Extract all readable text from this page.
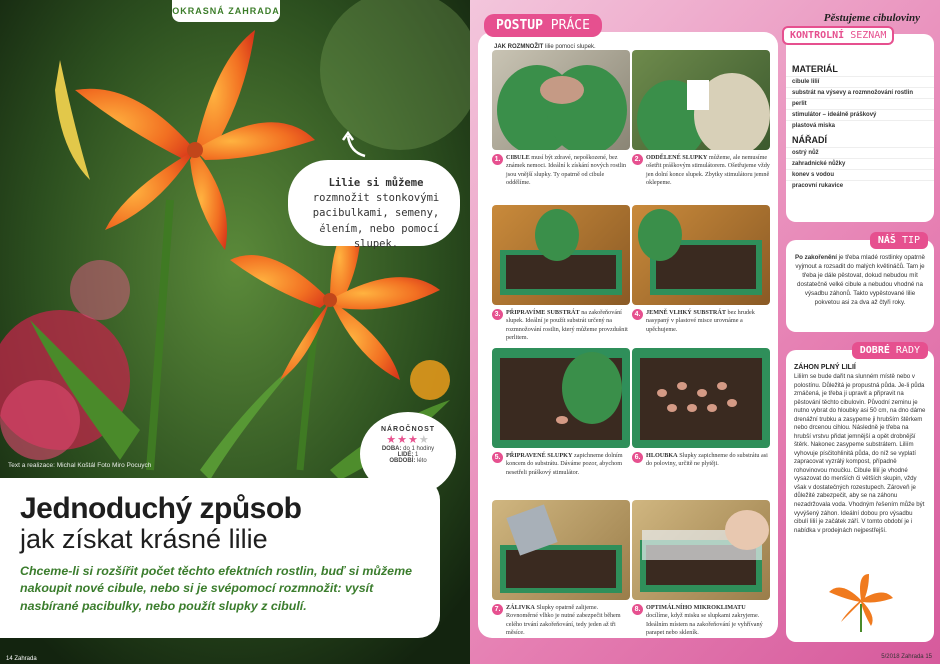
OKRASNÁ ZAHRADA
Lilie si můžeme rozmnožit stonkovými pacibulkami, semeny, dělením, nebo pomocí slupek.
Text a realizace: Michal Koštál Foto Miro Pocuych
NÁROČNOST
★★★★
DOBA: do 1 hodiny
LIDÉ: 1
OBDOBÍ: léto
Jednoduchý způsob
jak získat krásné lilie

Chceme-li si rozšířit počet těchto efektních rostlin, buď si můžeme nakoupit nové cibule, nebo si je svépomocí rozmnožit: vysít nasbírané pacibulky, nebo použít slupky z cibulí.

14 Zahrada
Pěstujeme cibuloviny
POSTUP PRÁCE
JAK ROZMNOŽIT lilie pomocí slupek.
1. CIBULE musí být zdravé, nepoškozené, bez známek nemoci. Ideální k získání nových rostlin jsou vnější slupky. Ty opatrně od cibule oddělíme.
2. ODDĚLENÉ SLUPKY můžeme, ale nemusíme ošetřit práškovým stimulátorem. Ošetřujeme vždy jen dolní konce slupek. Zbytky stimulátoru jemně oklepeme.
3. PŘIPRAVÍME SUBSTRÁT na zakořeňování slupek. Ideální je použít substrát určený na rozmnožování rostlin, který můžeme provzdušnit perlitem.
4. JEMNĚ VLHKÝ SUBSTRÁT bez hrudek nasypaný v plastové misce urovnáme a upěchujeme.
5. PŘIPRAVENÉ SLUPKY zapichneme dolním koncem do substrátu. Dáváme pozor, abychom nesetřeli práškový stimulátor.
6. HLOUBKA Slupky zapichneme do substrátu asi do poloviny, určitě ne plytěji.
7. ZÁLIVKA Slupky opatrně zalijeme. Rovnoměrné vlhko je nutné zabezpečit během celého trvání zakořeňování, tedy jeden až tři měsíce.
8. OPTIMÁLNÍHO MIKROKLIMATU docílíme, když misku se slupkami zakryjeme. Ideálním místem na zakořeňování je vyhřívaný parapet nebo skleník.
KONTROLNÍ SEZNAM
MATERIÁL
cibule lilií
substrát na výsevy a rozmnožování rostlin
perlit
stimulátor – ideálně práškový
plastová miska
NÁŘADÍ
ostrý nůž
zahradnické nůžky
konev s vodou
pracovní rukavice
NÁŠ TIP

Po zakořenění je třeba mladé rostlinky opatrně vyjmout a rozsadit do malých květináčů. Tam je třeba je dále pěstovat, dokud nebudou mít dostatečně velké cibule a nebudou vhodné na výsadbu záhonů. Takto vypěstované lilie pokvetou asi za dva až čtyři roky.

DOBRÉ RADY
ZÁHON PLNÝ LILIÍ

Liliím se bude dařit na slunném místě nebo v polostínu. Důležitá je propustná půda. Je-li půda zmáčená, je třeba ji upravit a připravit na pěstování těchto cibulovin. Původní zeminu je nutno vybrat do hloubky asi 50 cm, na dno dáme drenážní trubku a zasypeme ji hrubším štěrkem nebo drcenou cihlou. Následně je třeba na hrubší vrstvu přidat jemnější a opět drobnější štěrk. Nakonec zasypeme substrátem. Liliím vyhovuje písčitohlinitá půda, do níž se vyplatí zapracovat vyzrálý kompost, případně rohovinovou moučku. Cibule lilií je vhodné vysazovat do menších či větších skupin, vždy však v dostatečných rozestupech. Zároveň je důležité zabezpečit, aby se na záhonu nezadržovala voda. Vhodným řešením může být vyvýšený záhon. Ideální dobou pro výsadbu cibulí lilií je začátek září. V tomto období je i nabídka v prodejnách nejpestřejší.

5/2018 Zahrada 15
